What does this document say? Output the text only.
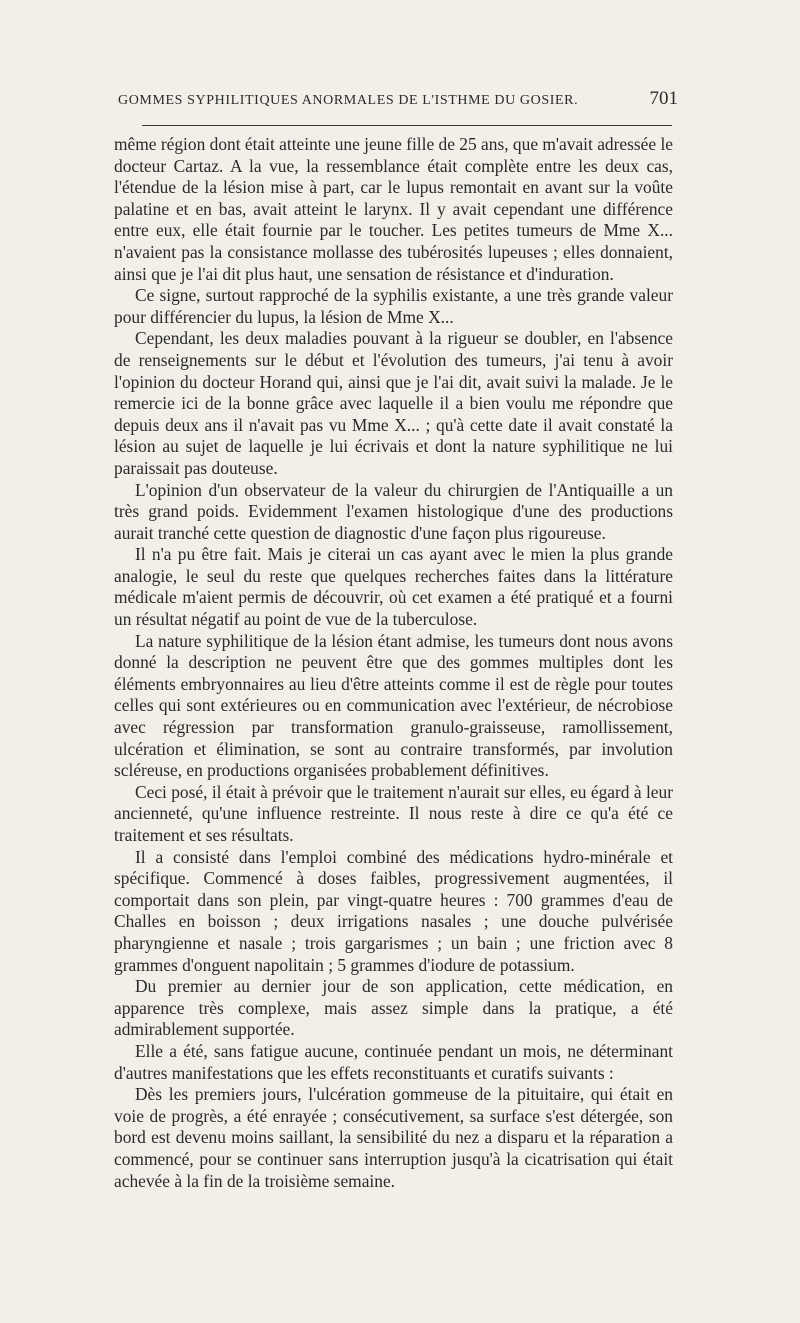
GOMMES SYPHILITIQUES ANORMALES DE L'ISTHME DU GOSIER.	701

même région dont était atteinte une jeune fille de 25 ans, que m'avait adressée le docteur Cartaz. A la vue, la ressemblance était complète entre les deux cas, l'étendue de la lésion mise à part, car le lupus remontait en avant sur la voûte palatine et en bas, avait atteint le larynx. Il y avait cependant une différence entre eux, elle était fournie par le toucher. Les petites tumeurs de Mme X... n'avaient pas la consistance mollasse des tubérosités lupeuses ; elles donnaient, ainsi que je l'ai dit plus haut, une sensation de résistance et d'induration.

Ce signe, surtout rapproché de la syphilis existante, a une très grande valeur pour différencier du lupus, la lésion de Mme X...

Cependant, les deux maladies pouvant à la rigueur se doubler, en l'absence de renseignements sur le début et l'évolution des tumeurs, j'ai tenu à avoir l'opinion du docteur Horand qui, ainsi que je l'ai dit, avait suivi la malade. Je le remercie ici de la bonne grâce avec laquelle il a bien voulu me répondre que depuis deux ans il n'avait pas vu Mme X... ; qu'à cette date il avait constaté la lésion au sujet de laquelle je lui écrivais et dont la nature syphilitique ne lui paraissait pas douteuse.

L'opinion d'un observateur de la valeur du chirurgien de l'Antiquaille a un très grand poids. Evidemment l'examen histologique d'une des productions aurait tranché cette question de diagnostic d'une façon plus rigoureuse.

Il n'a pu être fait. Mais je citerai un cas ayant avec le mien la plus grande analogie, le seul du reste que quelques recherches faites dans la littérature médicale m'aient permis de découvrir, où cet examen a été pratiqué et a fourni un résultat négatif au point de vue de la tuberculose.

La nature syphilitique de la lésion étant admise, les tumeurs dont nous avons donné la description ne peuvent être que des gommes multiples dont les éléments embryonnaires au lieu d'être atteints comme il est de règle pour toutes celles qui sont extérieures ou en communication avec l'extérieur, de nécrobiose avec régression par transformation granulo-graisseuse, ramollissement, ulcération et élimination, se sont au contraire transformés, par involution scléreuse, en productions organisées probablement définitives.

Ceci posé, il était à prévoir que le traitement n'aurait sur elles, eu égard à leur ancienneté, qu'une influence restreinte. Il nous reste à dire ce qu'a été ce traitement et ses résultats.

Il a consisté dans l'emploi combiné des médications hydro-minérale et spécifique. Commencé à doses faibles, progressivement augmentées, il comportait dans son plein, par vingt-quatre heures : 700 grammes d'eau de Challes en boisson ; deux irrigations nasales ; une douche pulvérisée pharyngienne et nasale ; trois gargarismes ; un bain ; une friction avec 8 grammes d'onguent napolitain ; 5 grammes d'iodure de potassium.

Du premier au dernier jour de son application, cette médication, en apparence très complexe, mais assez simple dans la pratique, a été admirablement supportée.

Elle a été, sans fatigue aucune, continuée pendant un mois, ne déterminant d'autres manifestations que les effets reconstituants et curatifs suivants :

Dès les premiers jours, l'ulcération gommeuse de la pituitaire, qui était en voie de progrès, a été enrayée ; consécutivement, sa surface s'est détergée, son bord est devenu moins saillant, la sensibilité du nez a disparu et la réparation a commencé, pour se continuer sans interruption jusqu'à la cicatrisation qui était achevée à la fin de la troisième semaine.
